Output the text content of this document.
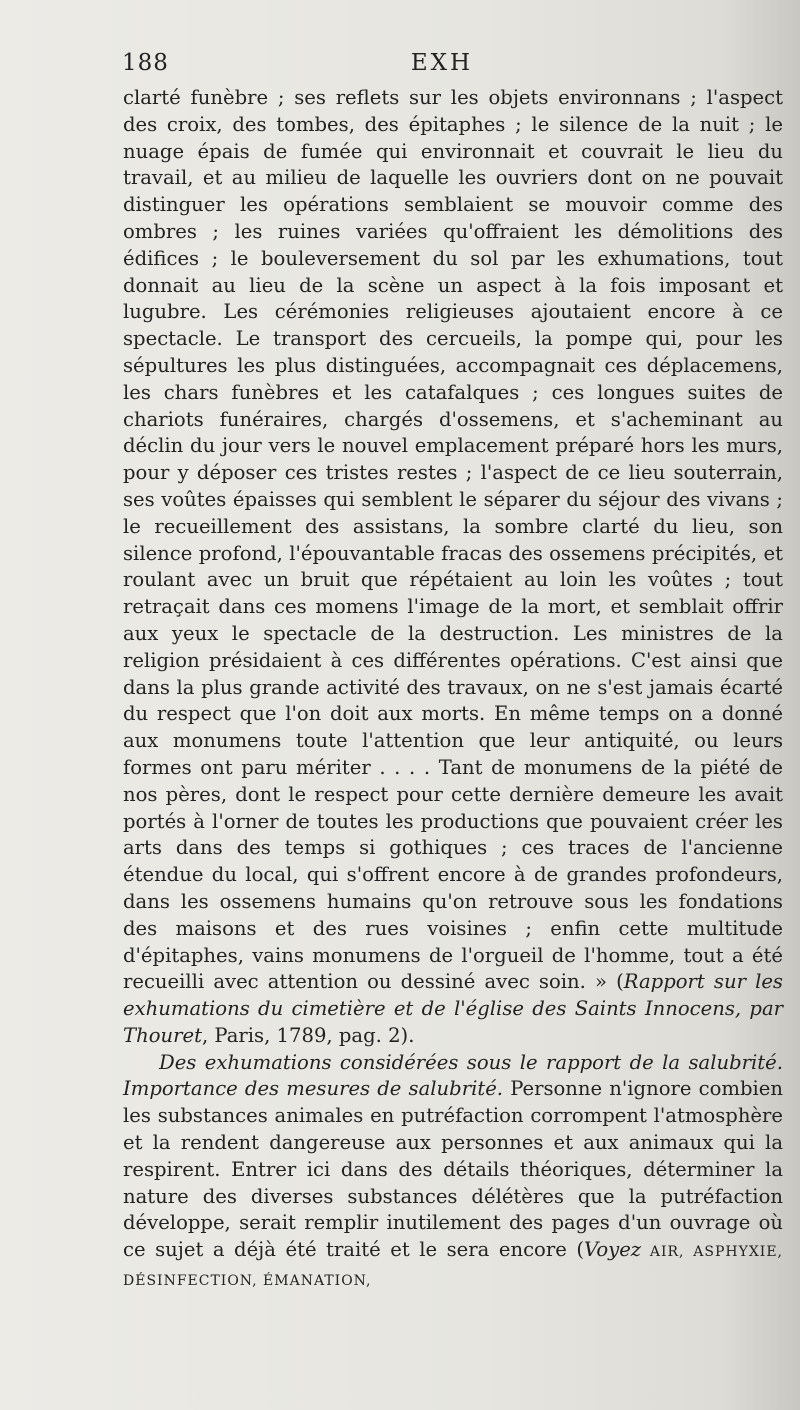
188	EXH

clarté funèbre ; ses reflets sur les objets environnans ; l'aspect des croix, des tombes, des épitaphes ; le silence de la nuit ; le nuage épais de fumée qui environnait et couvrait le lieu du travail, et au milieu de laquelle les ouvriers dont on ne pouvait distinguer les opérations semblaient se mouvoir comme des ombres ; les ruines variées qu'offraient les démolitions des édifices ; le bouleversement du sol par les exhumations, tout donnait au lieu de la scène un aspect à la fois imposant et lugubre. Les cérémonies religieuses ajoutaient encore à ce spectacle. Le transport des cercueils, la pompe qui, pour les sépultures les plus distinguées, accompagnait ces déplacemens, les chars funèbres et les catafalques ; ces longues suites de chariots funéraires, chargés d'ossemens, et s'acheminant au déclin du jour vers le nouvel emplacement préparé hors les murs, pour y déposer ces tristes restes ; l'aspect de ce lieu souterrain, ses voûtes épaisses qui semblent le séparer du séjour des vivans ; le recueillement des assistans, la sombre clarté du lieu, son silence profond, l'épouvantable fracas des ossemens précipités, et roulant avec un bruit que répétaient au loin les voûtes ; tout retraçait dans ces momens l'image de la mort, et semblait offrir aux yeux le spectacle de la destruction. Les ministres de la religion présidaient à ces différentes opérations. C'est ainsi que dans la plus grande activité des travaux, on ne s'est jamais écarté du respect que l'on doit aux morts. En même temps on a donné aux monumens toute l'attention que leur antiquité, ou leurs formes ont paru mériter . . . . Tant de monumens de la piété de nos pères, dont le respect pour cette dernière demeure les avait portés à l'orner de toutes les productions que pouvaient créer les arts dans des temps si gothiques ; ces traces de l'ancienne étendue du local, qui s'offrent encore à de grandes profondeurs, dans les ossemens humains qu'on retrouve sous les fondations des maisons et des rues voisines ; enfin cette multitude d'épitaphes, vains monumens de l'orgueil de l'homme, tout a été recueilli avec attention ou dessiné avec soin. » (Rapport sur les exhumations du cimetière et de l'église des Saints Innocens, par Thouret, Paris, 1789, pag. 2).

Des exhumations considérées sous le rapport de la salubrité. Importance des mesures de salubrité. Personne n'ignore combien les substances animales en putréfaction corrompent l'atmosphère et la rendent dangereuse aux personnes et aux animaux qui la respirent. Entrer ici dans des détails théoriques, déterminer la nature des diverses substances délétères que la putréfaction développe, serait remplir inutilement des pages d'un ouvrage où ce sujet a déjà été traité et le sera encore (Voyez AIR, ASPHYXIE, DÉSINFECTION, ÉMANATION,
